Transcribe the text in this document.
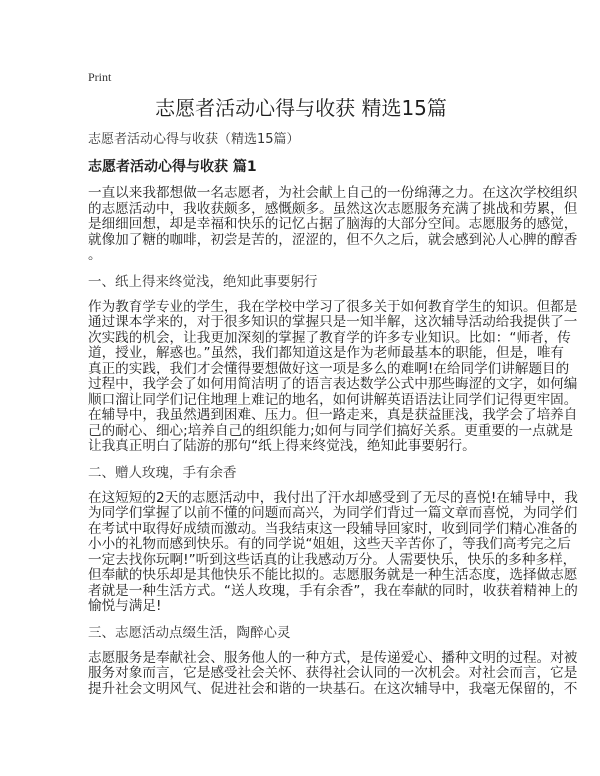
Print
志愿者活动心得与收获 精选15篇
志愿者活动心得与收获（精选15篇）
志愿者活动心得与收获 篇1
一直以来我都想做一名志愿者，为社会献上自己的一份绵薄之力。在这次学校组织
的志愿活动中，我收获颇多，感慨颇多。虽然这次志愿服务充满了挑战和劳累，但
是细细回想，却是幸福和快乐的记忆占据了脑海的大部分空间。志愿服务的感觉，
就像加了糖的咖啡，初尝是苦的，涩涩的，但不久之后，就会感到沁人心脾的醇香
。
一、纸上得来终觉浅，绝知此事要躬行
作为教育学专业的学生，我在学校中学习了很多关于如何教育学生的知识。但都是
通过课本学来的，对于很多知识的掌握只是一知半解，这次辅导活动给我提供了一
次实践的机会，让我更加深刻的掌握了教育学的许多专业知识。比如：“师者，传
道，授业，解惑也。”虽然，我们都知道这是作为老师最基本的职能，但是，唯有
真正的实践，我们才会懂得要想做好这一项是多么的难啊!在给同学们讲解题目的
过程中，我学会了如何用简洁明了的语言表达数学公式中那些晦涩的文字，如何编
顺口溜让同学们记住地理上难记的地名，如何讲解英语语法让同学们记得更牢固。
在辅导中，我虽然遇到困难、压力。但一路走来，真是获益匪浅，我学会了培养自
己的耐心、细心;培养自己的组织能力;如何与同学们搞好关系。更重要的一点就是
让我真正明白了陆游的那句“纸上得来终觉浅，绝知此事要躬行。
二、赠人玫瑰，手有余香
在这短短的2天的志愿活动中，我付出了汗水却感受到了无尽的喜悦!在辅导中，我
为同学们掌握了以前不懂的问题而高兴，为同学们背过一篇文章而喜悦，为同学们
在考试中取得好成绩而激动。当我结束这一段辅导回家时，收到同学们精心准备的
小小的礼物而感到快乐。有的同学说“姐姐，这些天辛苦你了，等我们高考完之后
一定去找你玩啊!”听到这些话真的让我感动万分。人需要快乐，快乐的多种多样，
但奉献的快乐却是其他快乐不能比拟的。志愿服务就是一种生活态度，选择做志愿
者就是一种生活方式。“送人玫瑰，手有余香”，我在奉献的同时，收获着精神上的
愉悦与满足!
三、志愿活动点缀生活，陶醉心灵
志愿服务是奉献社会、服务他人的一种方式，是传递爱心、播种文明的过程。对被
服务对象而言，它是感受社会关怀、获得社会认同的一次机会。对社会而言，它是
提升社会文明风气、促进社会和谐的一块基石。在这次辅导中，我毫无保留的，不
